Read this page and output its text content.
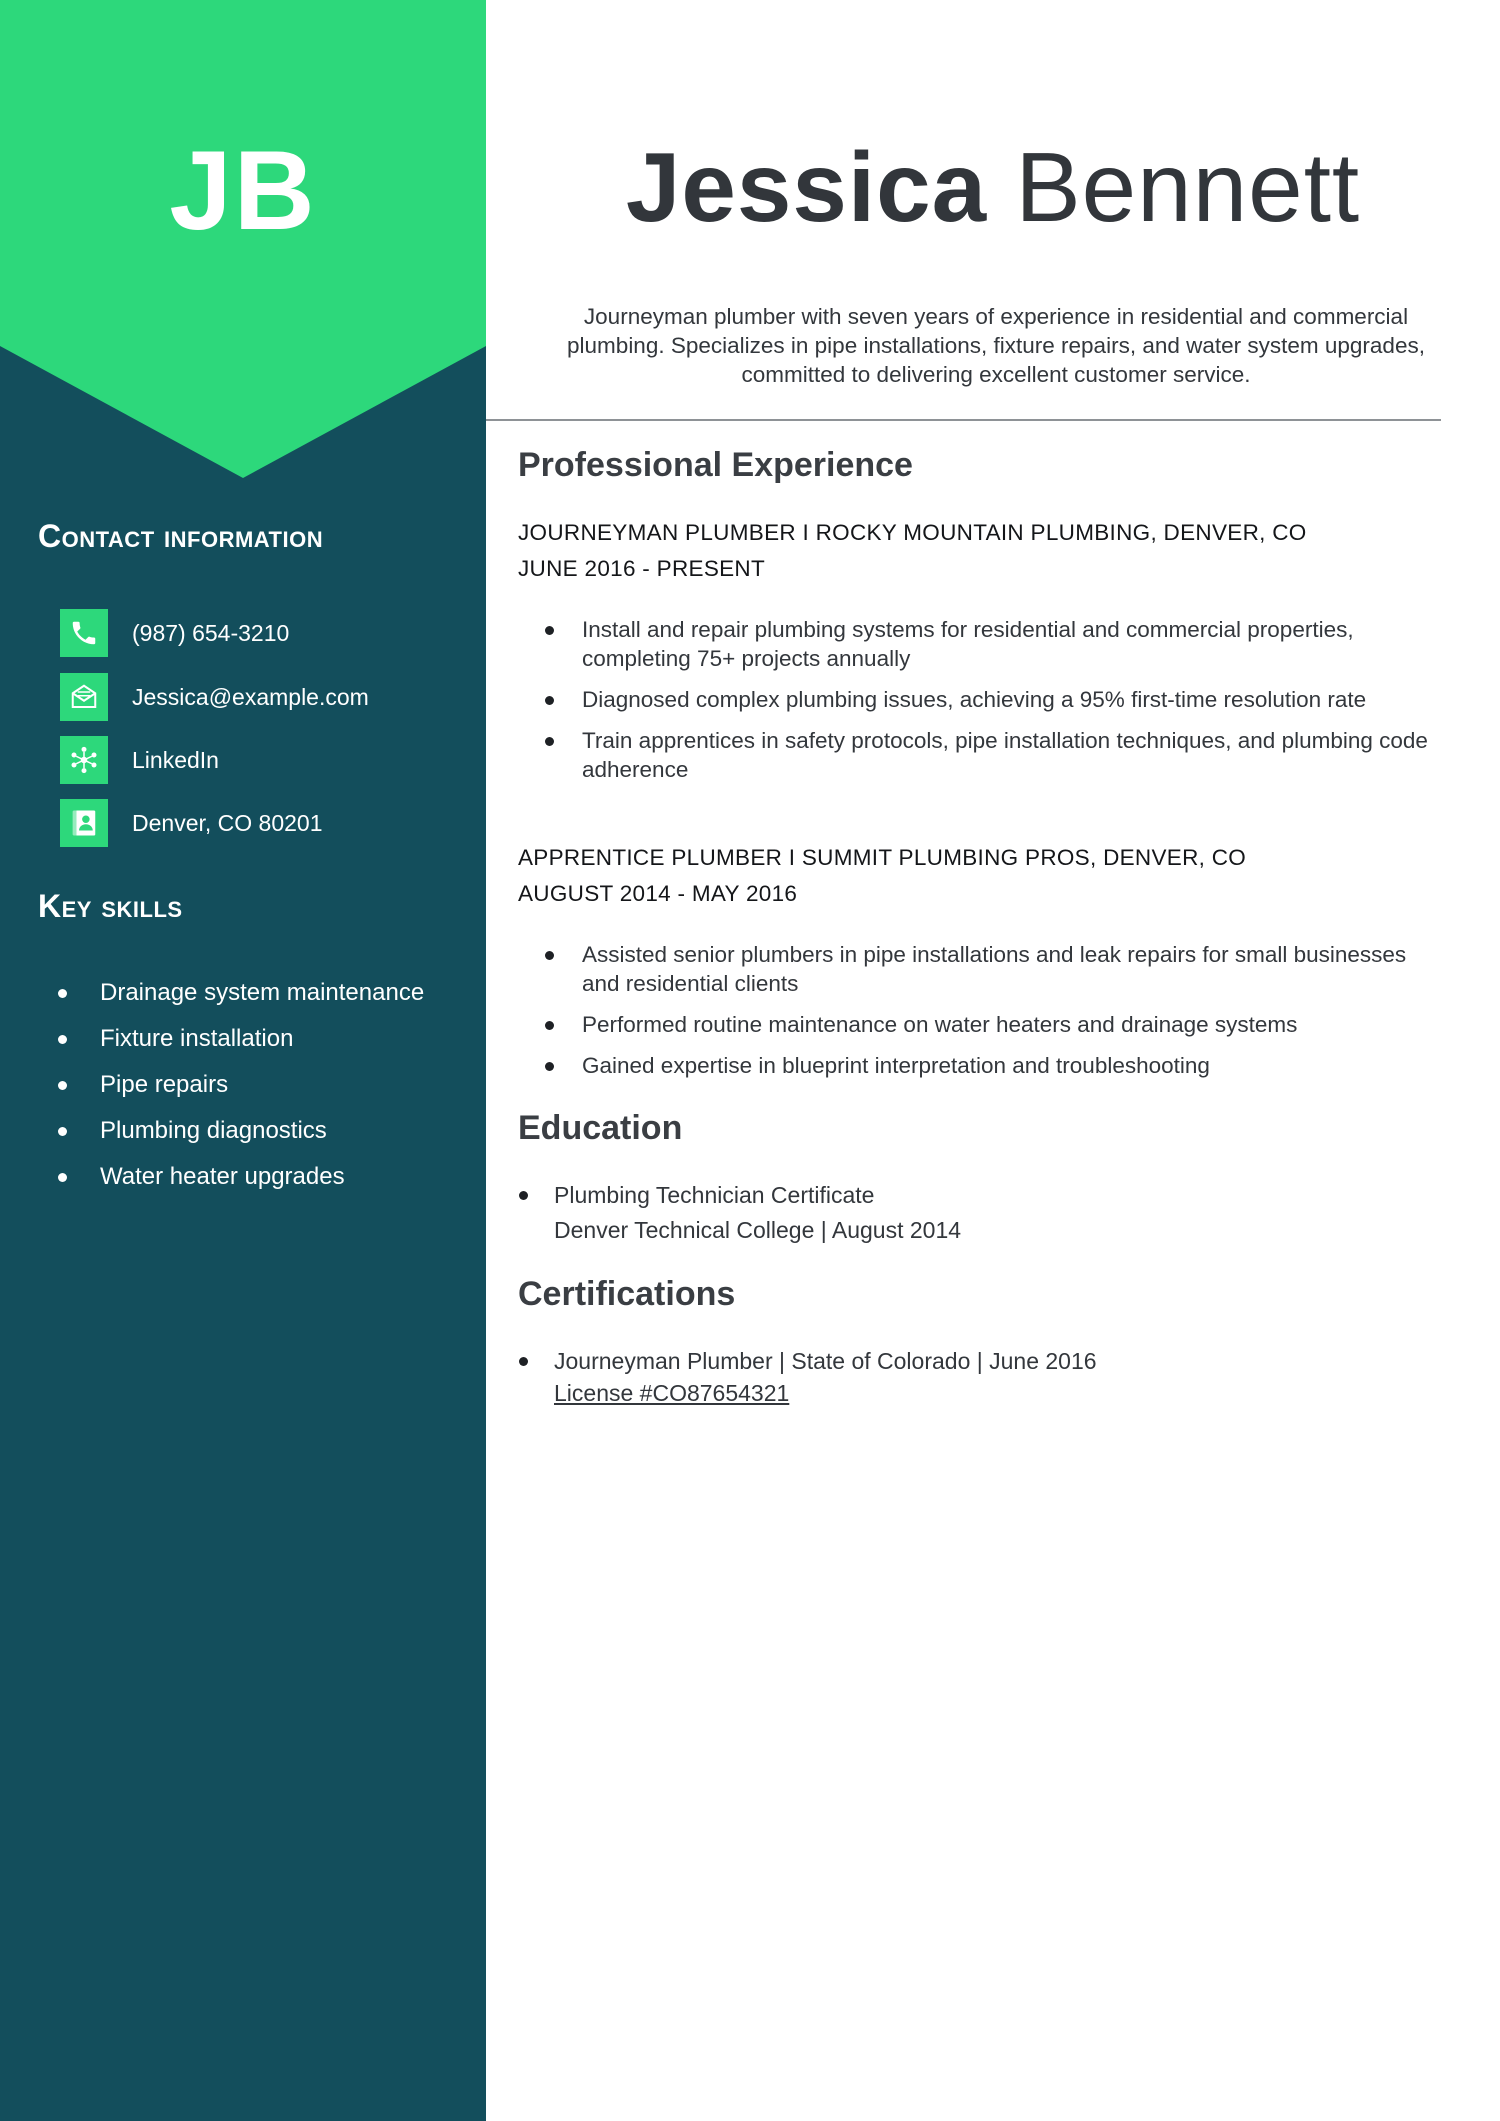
JB
Contact information
(987) 654-3210
Jessica@example.com
LinkedIn
Denver, CO 80201
Key skills
Drainage system maintenance
Fixture installation
Pipe repairs
Plumbing diagnostics
Water heater upgrades
Jessica Bennett

Journeyman plumber with seven years of experience in residential and commercial plumbing. Specializes in pipe installations, fixture repairs, and water system upgrades, committed to delivering excellent customer service.

Professional Experience

JOURNEYMAN PLUMBER I ROCKY MOUNTAIN PLUMBING, DENVER, CO

JUNE 2016 - PRESENT

Install and repair plumbing systems for residential and commercial properties, completing 75+ projects annually
Diagnosed complex plumbing issues, achieving a 95% first-time resolution rate
Train apprentices in safety protocols, pipe installation techniques, and plumbing code adherence

APPRENTICE PLUMBER I SUMMIT PLUMBING PROS, DENVER, CO

AUGUST 2014 - MAY 2016

Assisted senior plumbers in pipe installations and leak repairs for small businesses and residential clients
Performed routine maintenance on water heaters and drainage systems
Gained expertise in blueprint interpretation and troubleshooting
Education
Plumbing Technician Certificate
Denver Technical College | August 2014
Certifications
Journeyman Plumber | State of Colorado | June 2016
License #CO87654321
